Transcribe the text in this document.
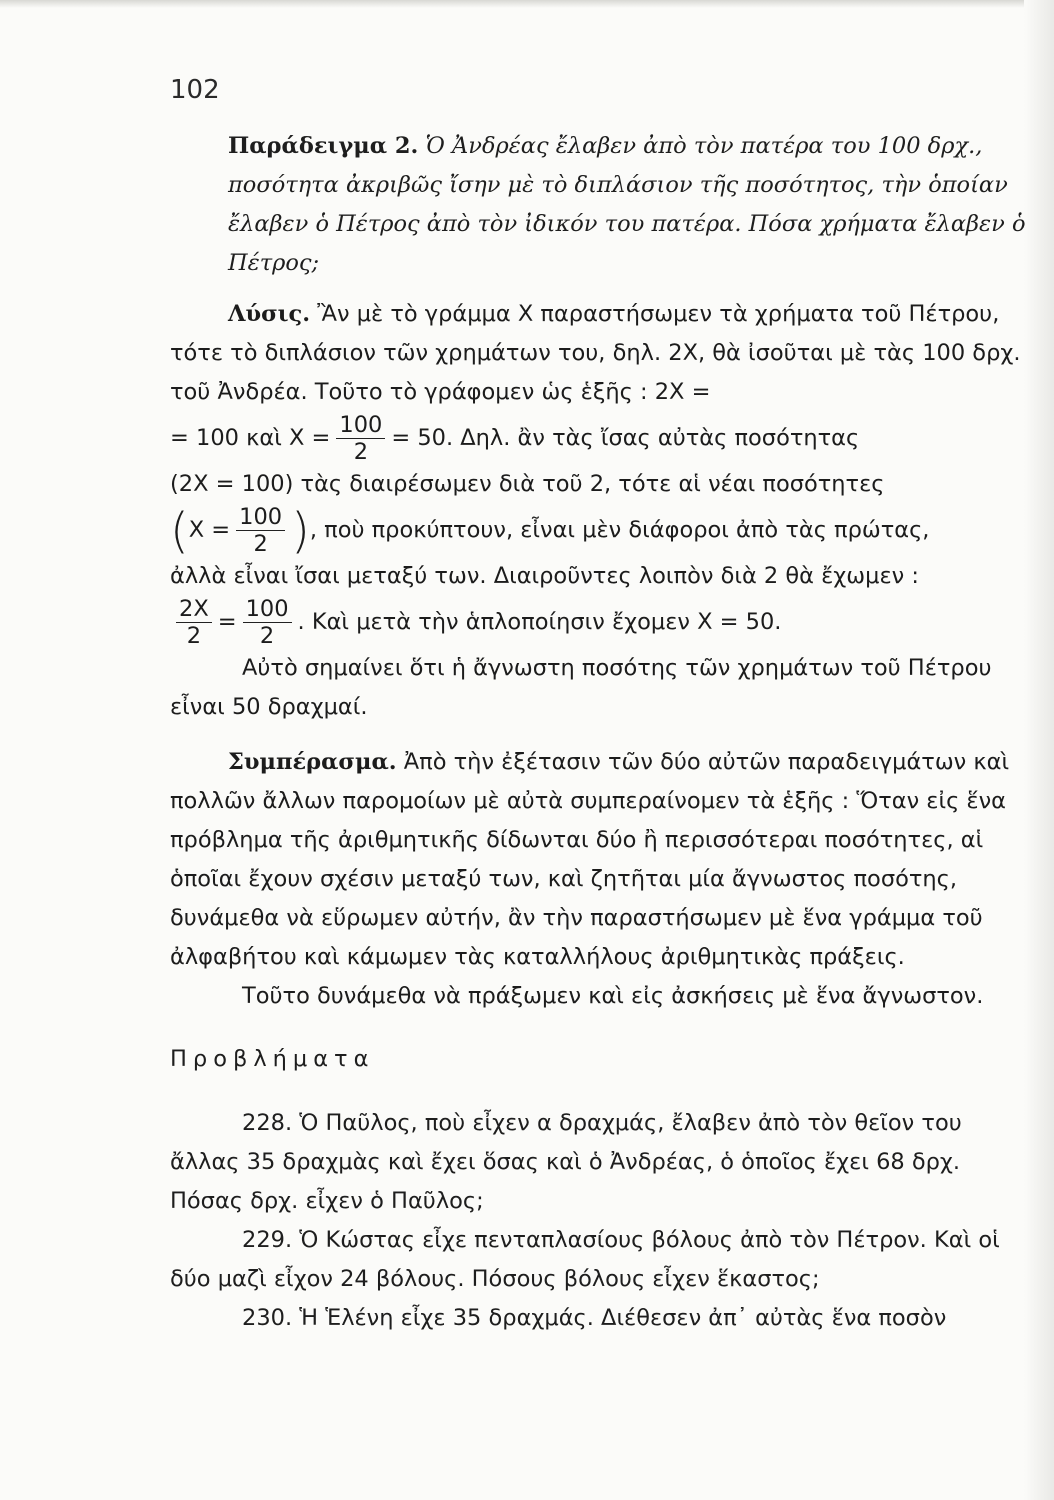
102

Παράδειγμα 2. Ὁ Ἀνδρέας ἔλαβεν ἀπὸ τὸν πατέρα του 100 δρχ., ποσότητα ἀκριβῶς ἴσην μὲ τὸ διπλάσιον τῆς ποσότητος, τὴν ὁποίαν ἔλαβεν ὁ Πέτρος ἀπὸ τὸν ἰδικόν του πατέρα. Πόσα χρήματα ἔλαβεν ὁ Πέτρος;

Λύσις. Ἂν μὲ τὸ γράμμα Χ παραστήσωμεν τὰ χρήματα τοῦ Πέτρου, τότε τὸ διπλάσιον τῶν χρημάτων του, δηλ. 2Χ, θὰ ἰσοῦται μὲ τὰς 100 δρχ. τοῦ Ἀνδρέα. Τοῦτο τὸ γράφομεν ὡς ἑξῆς : 2Χ =

= 100 καὶ $X = \frac{100}{2} = 50$. Δηλ. ἂν τὰς ἴσας αὐτὰς ποσότητας

(2Χ = 100) τὰς διαιρέσωμεν διὰ τοῦ 2, τότε αἱ νέαι ποσότητες

( $X = \frac{100}{2}$ ) , ποὺ προκύπτουν, εἶναι μὲν διάφοροι ἀπὸ τὰς πρώτας,

ἀλλὰ εἶναι ἴσαι μεταξύ των. Διαιροῦντες λοιπὸν διὰ 2 θὰ ἔχωμεν :

$\frac{2X}{2} = \frac{100}{2}$ . Καὶ μετὰ τὴν ἁπλοποίησιν ἔχομεν Χ = 50.

Αὐτὸ σημαίνει ὅτι ἡ ἄγνωστη ποσότης τῶν χρημάτων τοῦ Πέτρου εἶναι 50 δραχμαί.

Συμπέρασμα. Ἀπὸ τὴν ἐξέτασιν τῶν δύο αὐτῶν παραδειγμάτων καὶ πολλῶν ἄλλων παρομοίων μὲ αὐτὰ συμπεραίνομεν τὰ ἑξῆς : Ὅταν εἰς ἕνα πρόβλημα τῆς ἀριθμητικῆς δίδωνται δύο ἢ περισσότεραι ποσότητες, αἱ ὁποῖαι ἔχουν σχέσιν μεταξύ των, καὶ ζητῆται μία ἄγνωστος ποσότης, δυνάμεθα νὰ εὕρωμεν αὐτήν, ἂν τὴν παραστήσωμεν μὲ ἕνα γράμμα τοῦ ἀλφαβήτου καὶ κάμωμεν τὰς καταλλήλους ἀριθμητικὰς πράξεις.

Τοῦτο δυνάμεθα νὰ πράξωμεν καὶ εἰς ἀσκήσεις μὲ ἕνα ἄγνωστον.

Προβλήματα
228. Ὁ Παῦλος, ποὺ εἶχεν α δραχμάς, ἔλαβεν ἀπὸ τὸν θεῖον του ἄλλας 35 δραχμὰς καὶ ἔχει ὅσας καὶ ὁ Ἀνδρέας, ὁ ὁποῖος ἔχει 68 δρχ. Πόσας δρχ. εἶχεν ὁ Παῦλος;
229. Ὁ Κώστας εἶχε πενταπλασίους βόλους ἀπὸ τὸν Πέτρον. Καὶ οἱ δύο μαζὶ εἶχον 24 βόλους. Πόσους βόλους εἶχεν ἕκαστος;
230. Ἡ Ἑλένη εἶχε 35 δραχμάς. Διέθεσεν ἀπ᾽ αὐτὰς ἕνα ποσὸν
